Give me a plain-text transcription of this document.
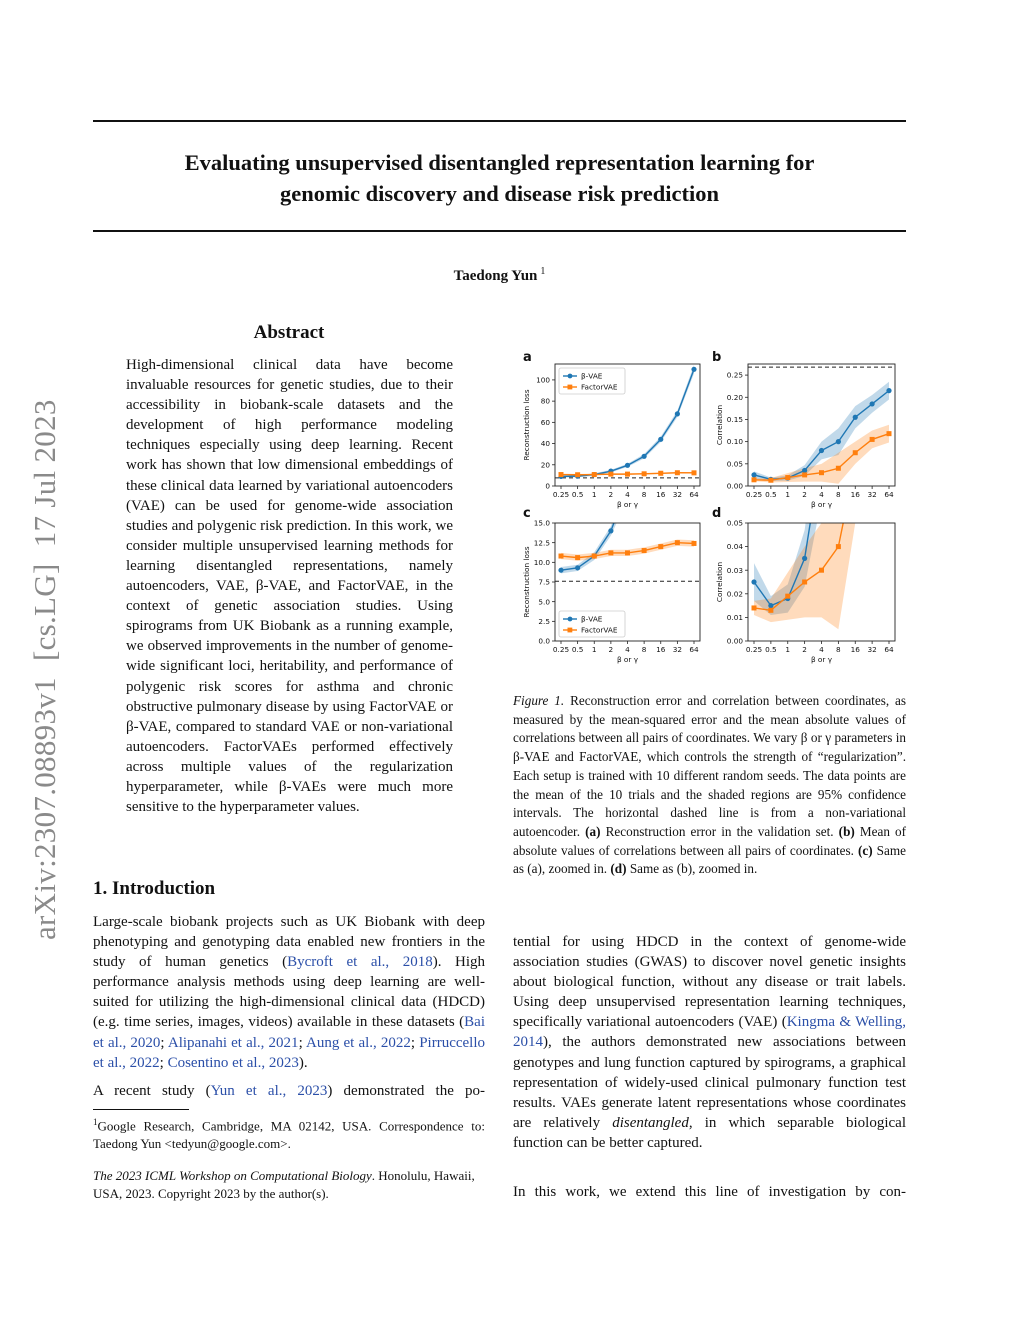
Evaluating unsupervised disentangled representation learning for
genomic discovery and disease risk prediction
Taedong Yun $^1$
arXiv:2307.08893v1  [cs.LG]  17 Jul 2023
Abstract

High-dimensional clinical data have become invaluable resources for genetic studies, due to their accessibility in biobank-scale datasets and the development of high performance modeling techniques especially using deep learning. Recent work has shown that low dimensional embeddings of these clinical data learned by variational autoencoders (VAE) can be used for genome-wide association studies and polygenic risk prediction. In this work, we consider multiple unsupervised learning methods for learning disentangled representations, namely autoencoders, VAE, β-VAE, and FactorVAE, in the context of genetic association studies. Using spirograms from UK Biobank as a running example, we observed improvements in the number of genome-wide significant loci, heritability, and performance of polygenic risk scores for asthma and chronic obstructive pulmonary disease by using FactorVAE or β-VAE, compared to standard VAE or non-variational autoencoders. FactorVAEs performed effectively across multiple values of the regularization hyperparameter, while β-VAEs were much more sensitive to the hyperparameter values.

1. Introduction

Large-scale biobank projects such as UK Biobank with deep phenotyping and genotyping data enabled new frontiers in the study of human genetics (Bycroft et al., 2018). High performance analysis methods using deep learning are well-suited for utilizing the high-dimensional clinical data (HDCD) (e.g. time series, images, videos) available in these datasets (Bai et al., 2020; Alipanahi et al., 2021; Aung et al., 2022; Pirruccello et al., 2022; Cosentino et al., 2023).

A recent study (Yun et al., 2023) demonstrated the po-

$^1$Google Research, Cambridge, MA 02142, USA. Correspondence to: Taedong Yun <tedyun@google.com>.

The 2023 ICML Workshop on Computational Biology. Honolulu, Hawaii, USA, 2023. Copyright 2023 by the author(s).

0
20
40
60
80
100
0.25 0.5 1 2 4 8 16 32 64
β or γ
Reconstruction loss
a
β-VAE
FactorVAE
0.00
0.05
0.10
0.15
0.20
0.25
0.25 0.5 1 2 4 8 16 32 64
β or γ
Correlation
b
0.0
2.5
5.0
7.5
10.0
12.5
15.0
0.25 0.5 1 2 4 8 16 32 64
β or γ
Reconstruction loss
c
β-VAE
FactorVAE
0.00
0.01
0.02
0.03
0.04
0.05
0.25 0.5 1 2 4 8 16 32 64
β or γ
Correlation
d

Figure 1. Reconstruction error and correlation between coordinates, as measured by the mean-squared error and the mean absolute values of correlations between all pairs of coordinates. We vary β or γ parameters in β-VAE and FactorVAE, which controls the strength of “regularization”. Each setup is trained with 10 different random seeds. The data points are the mean of the 10 trials and the shaded regions are 95% confidence intervals. The horizontal dashed line is from a non-variational autoencoder. (a) Reconstruction error in the validation set. (b) Mean of absolute values of correlations between all pairs of coordinates. (c) Same as (a), zoomed in. (d) Same as (b), zoomed in.

tential for using HDCD in the context of genome-wide association studies (GWAS) to discover novel genetic insights about biological function, without any disease or trait labels. Using deep unsupervised representation learning techniques, specifically variational autoencoders (VAE) (Kingma & Welling, 2014), the authors demonstrated new associations between genotypes and lung function captured by spirograms, a graphical representation of widely-used clinical pulmonary function test results. VAEs generate latent representations whose coordinates are relatively disentangled, in which separable biological function can be better captured.

In this work, we extend this line of investigation by con-
